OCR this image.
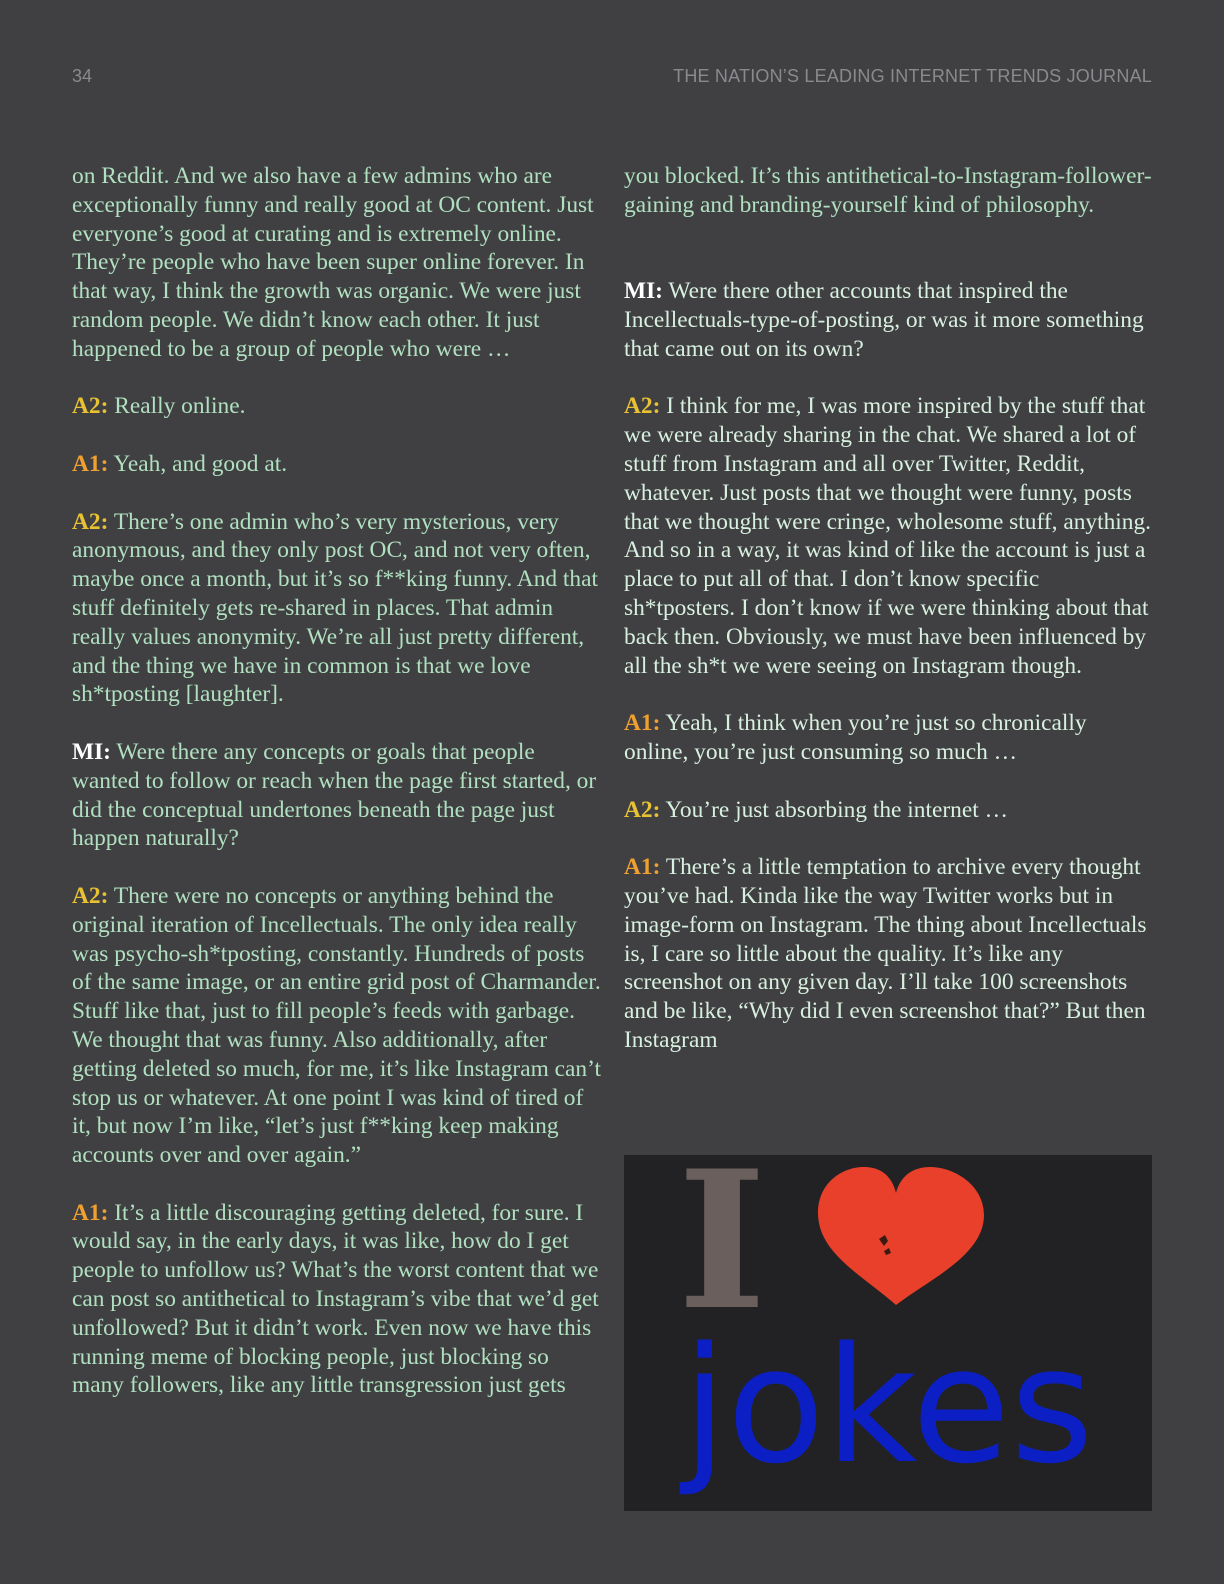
34	THE NATION’S LEADING INTERNET TRENDS JOURNAL

on Reddit. And we also have a few admins who are exceptionally funny and really good at OC content. Just everyone’s good at curating and is extremely online. They’re people who have been super online forever. In that way, I think the growth was organic. We were just random people. We didn’t know each other. It just happened to be a group of people who were …

A2: Really online.

A1: Yeah, and good at.

A2: There’s one admin who’s very mysterious, very anonymous, and they only post OC, and not very often, maybe once a month, but it’s so f**king funny. And that stuff definitely gets re-shared in places. That admin really values anonymity. We’re all just pretty different, and the thing we have in common is that we love sh*tposting [laughter].

MI: Were there any concepts or goals that people wanted to follow or reach when the page first started, or did the conceptual undertones beneath the page just happen naturally?

A2: There were no concepts or anything behind the original iteration of Incellectuals. The only idea really was psycho-sh*tposting, constantly. Hundreds of posts of the same image, or an entire grid post of Charmander. Stuff like that, just to fill people’s feeds with garbage. We thought that was funny. Also additionally, after getting deleted so much, for me, it’s like Instagram can’t stop us or whatever. At one point I was kind of tired of it, but now I’m like, “let’s just f**king keep making accounts over and over again.”

A1: It’s a little discouraging getting deleted, for sure. I would say, in the early days, it was like, how do I get people to unfollow us? What’s the worst content that we can post so antithetical to Instagram’s vibe that we’d get unfollowed? But it didn’t work. Even now we have this running meme of blocking people, just blocking so many followers, like any little transgression just gets

you blocked. It’s this antithetical-to-Instagram-follower-gaining and branding-yourself kind of philosophy.

MI: Were there other accounts that inspired the Incellectuals-type-of-posting, or was it more something that came out on its own?

A2: I think for me, I was more inspired by the stuff that we were already sharing in the chat. We shared a lot of stuff from Instagram and all over Twitter, Reddit, whatever. Just posts that we thought were funny, posts that we thought were cringe, wholesome stuff, anything. And so in a way, it was kind of like the account is just a place to put all of that. I don’t know specific sh*tposters. I don’t know if we were thinking about that back then. Obviously, we must have been influenced by all the sh*t we were seeing on Instagram though.

A1: Yeah, I think when you’re just so chronically online, you’re just consuming so much …

A2: You’re just absorbing the internet …

A1: There’s a little temptation to archive every thought you’ve had. Kinda like the way Twitter works but in image-form on Instagram. The thing about Incellectuals is, I care so little about the quality. It’s like any screenshot on any given day. I’ll take 100 screenshots and be like, “Why did I even screenshot that?” But then Instagram

I
jokes
